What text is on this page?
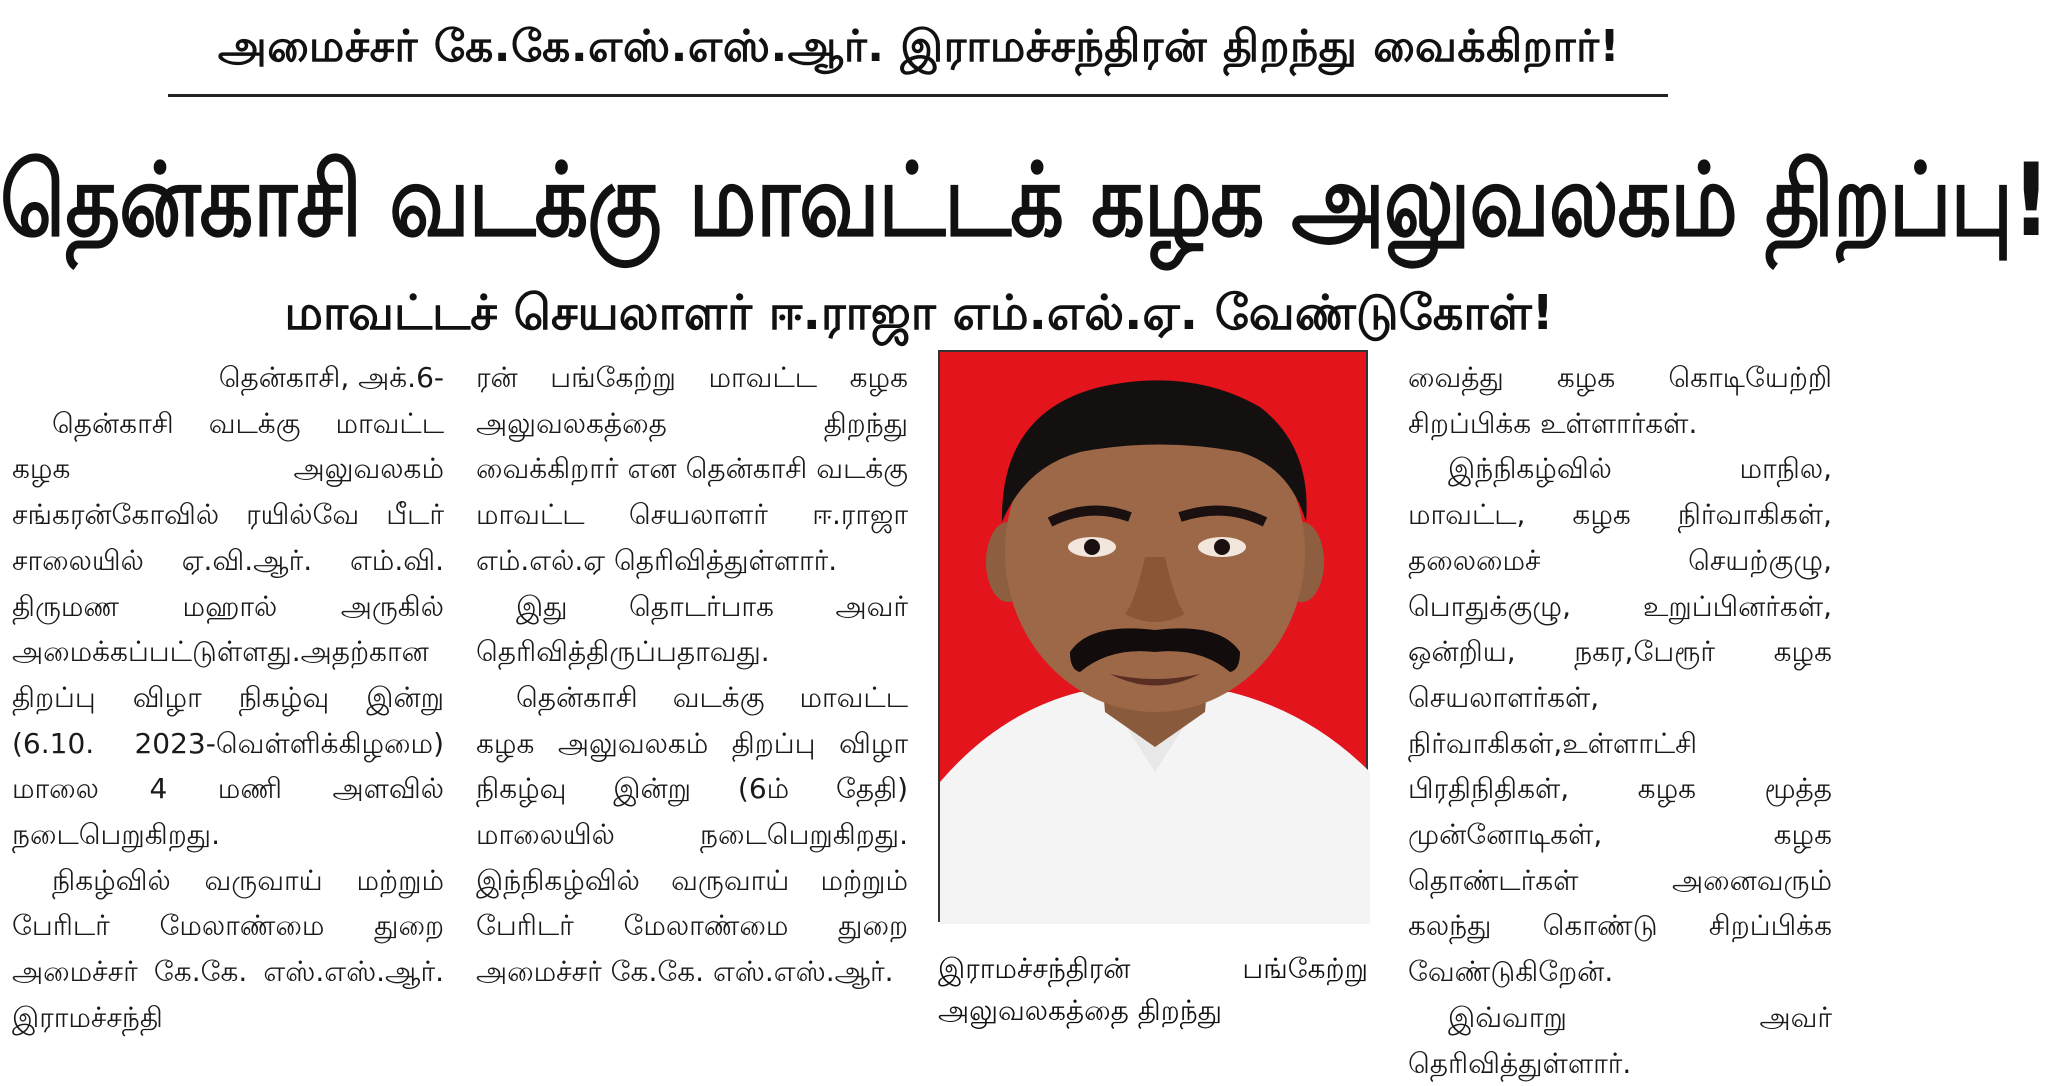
அமைச்சர் கே.கே.எஸ்.எஸ்.ஆர். இராமச்சந்திரன் திறந்து வைக்கிறார்!
தென்காசி வடக்கு மாவட்டக் கழக அலுவலகம் திறப்பு!
மாவட்டச் செயலாளர் ஈ.ராஜா எம்.எல்.ஏ. வேண்டுகோள்!

தென்காசி, அக்.6-

தென்காசி வடக்கு மாவட்ட கழக அலுவலகம் சங்கரன்கோவில் ரயில்வே பீடர் சாலையில் ஏ.வி.ஆர். எம்.வி. திருமண மஹால் அருகில் அமைக்கப்பட்டுள்ளது.அதற்கான திறப்பு விழா நிகழ்வு இன்று (6.10. 2023-வெள்ளிக்கிழமை) மாலை 4 மணி அளவில் நடைபெறுகிறது.

நிகழ்வில் வருவாய் மற்றும் பேரிடர் மேலாண்மை துறை அமைச்சர் கே.கே. எஸ்.எஸ்.ஆர். இராமச்சந்தி

ரன் பங்கேற்று மாவட்ட கழக அலுவலகத்தை திறந்து வைக்கிறார் என தென்காசி வடக்கு மாவட்ட செயலாளர் ஈ.ராஜா எம்.எல்.ஏ தெரிவித்துள்ளார்.

இது தொடர்பாக அவர் தெரிவித்திருப்பதாவது.

தென்காசி வடக்கு மாவட்ட கழக அலுவலகம் திறப்பு விழா நிகழ்வு இன்று (6ம் தேதி) மாலையில் நடைபெறுகிறது. இந்நிகழ்வில் வருவாய் மற்றும் பேரிடர் மேலாண்மை துறை அமைச்சர் கே.கே. எஸ்.எஸ்.ஆர்.	இராமச்சந்திரன் பங்கேற்று அலுவலகத்தை திறந்து

வைத்து கழக கொடியேற்றி சிறப்பிக்க உள்ளார்கள்.

இந்நிகழ்வில் மாநில, மாவட்ட, கழக நிர்வாகிகள், தலைமைச் செயற்குழு, பொதுக்குழு, உறுப்பினர்கள், ஒன்றிய, நகர,பேரூர் கழக செயலாளர்கள், நிர்வாகிகள்,உள்ளாட்சி பிரதிநிதிகள், கழக மூத்த முன்னோடிகள், கழக தொண்டர்கள் அனைவரும் கலந்து கொண்டு சிறப்பிக்க வேண்டுகிறேன்.

இவ்வாறு அவர் தெரிவித்துள்ளார்.
